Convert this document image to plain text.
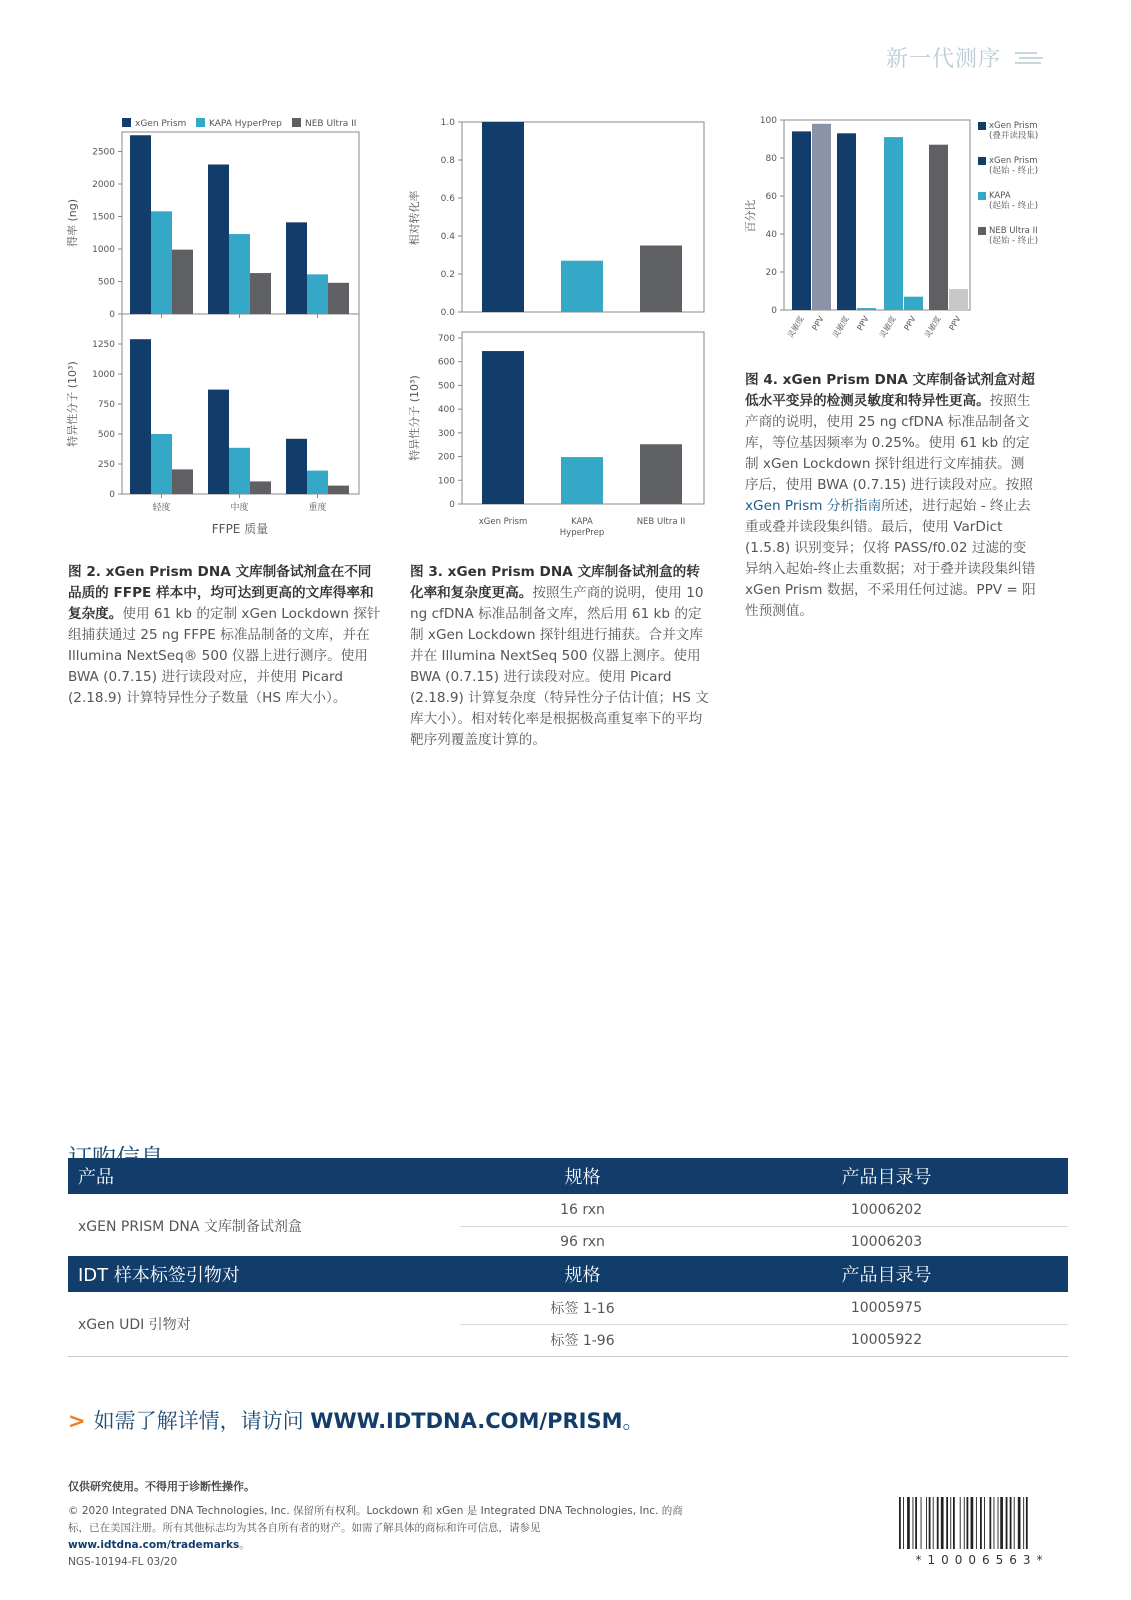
新一代测序
xGen Prism	KAPA HyperPrep	NEB Ultra II
0
500
1000
1500
2000
2500
轻度	中度	重度
0
250
500
750
1000
1250
得率 (ng)
特异性分子 (10³)
FFPE 质量
0.0
0.2
0.4
0.6
0.8
1.0
xGen Prism	KAPA
HyperPrep
NEB Ultra II
0
100
200
300
400
500
600
700
相对转化率
特异性分子 (10³)
灵敏度 PPV 灵敏度 PPV 灵敏度 PPV 灵敏度 PPV
0
20
40
60
80
100
百分比
xGen Prism
(叠并读段集)
xGen Prism
(起始 - 终止)
KAPA
(起始 - 终止)
NEB Ultra II
(起始 - 终止)
图 2. xGen Prism DNA 文库制备试剂盒在不同品质的 FFPE 样本中，均可达到更高的文库得率和复杂度。使用 61 kb 的定制 xGen Lockdown 探针组捕获通过 25 ng FFPE 标准品制备的文库，并在 Illumina NextSeq® 500 仪器上进行测序。使用 BWA (0.7.15) 进行读段对应，并使用 Picard (2.18.9) 计算特异性分子数量（HS 库大小）。
图 3. xGen Prism DNA 文库制备试剂盒的转化率和复杂度更高。按照生产商的说明，使用 10 ng cfDNA 标准品制备文库，然后用 61 kb 的定制 xGen Lockdown 探针组进行捕获。合并文库并在 Illumina NextSeq 500 仪器上测序。使用 BWA (0.7.15) 进行读段对应。使用 Picard (2.18.9) 计算复杂度（特异性分子估计值；HS 文库大小）。相对转化率是根据极高重复率下的平均靶序列覆盖度计算的。
图 4. xGen Prism DNA 文库制备试剂盒对超低水平变异的检测灵敏度和特异性更高。按照生产商的说明，使用 25 ng cfDNA 标准品制备文库，等位基因频率为 0.25%。使用 61 kb 的定制 xGen Lockdown 探针组进行文库捕获。测序后，使用 BWA (0.7.15) 进行读段对应。按照 xGen Prism 分析指南所述，进行起始 - 终止去重或叠并读段集纠错。最后，使用 VarDict (1.5.8) 识别变异；仅将 PASS/f0.02 过滤的变异纳入起始-终止去重数据；对于叠并读段集纠错 xGen Prism 数据，不采用任何过滤。PPV = 阳性预测值。
产品	规格	产品目录号
xGEN PRISM DNA 文库制备试剂盒	16 rxn	10006202
	96 rxn	10006203
IDT 样本标签引物对	规格	产品目录号
xGen UDI 引物对	标签 1-16	10005975
	标签 1-96	10005922
> 如需了解详情，请访问 WWW.IDTDNA.COM/PRISM。
仅供研究使用。不得用于诊断性操作。
© 2020 Integrated DNA Technologies, Inc. 保留所有权利。Lockdown 和 xGen 是 Integrated DNA Technologies, Inc. 的商标，已在美国注册。所有其他标志均为其各自所有者的财产。如需了解具体的商标和许可信息，请参见 www.idtdna.com/trademarks。
NGS-10194-FL 03/20	*10006563*
